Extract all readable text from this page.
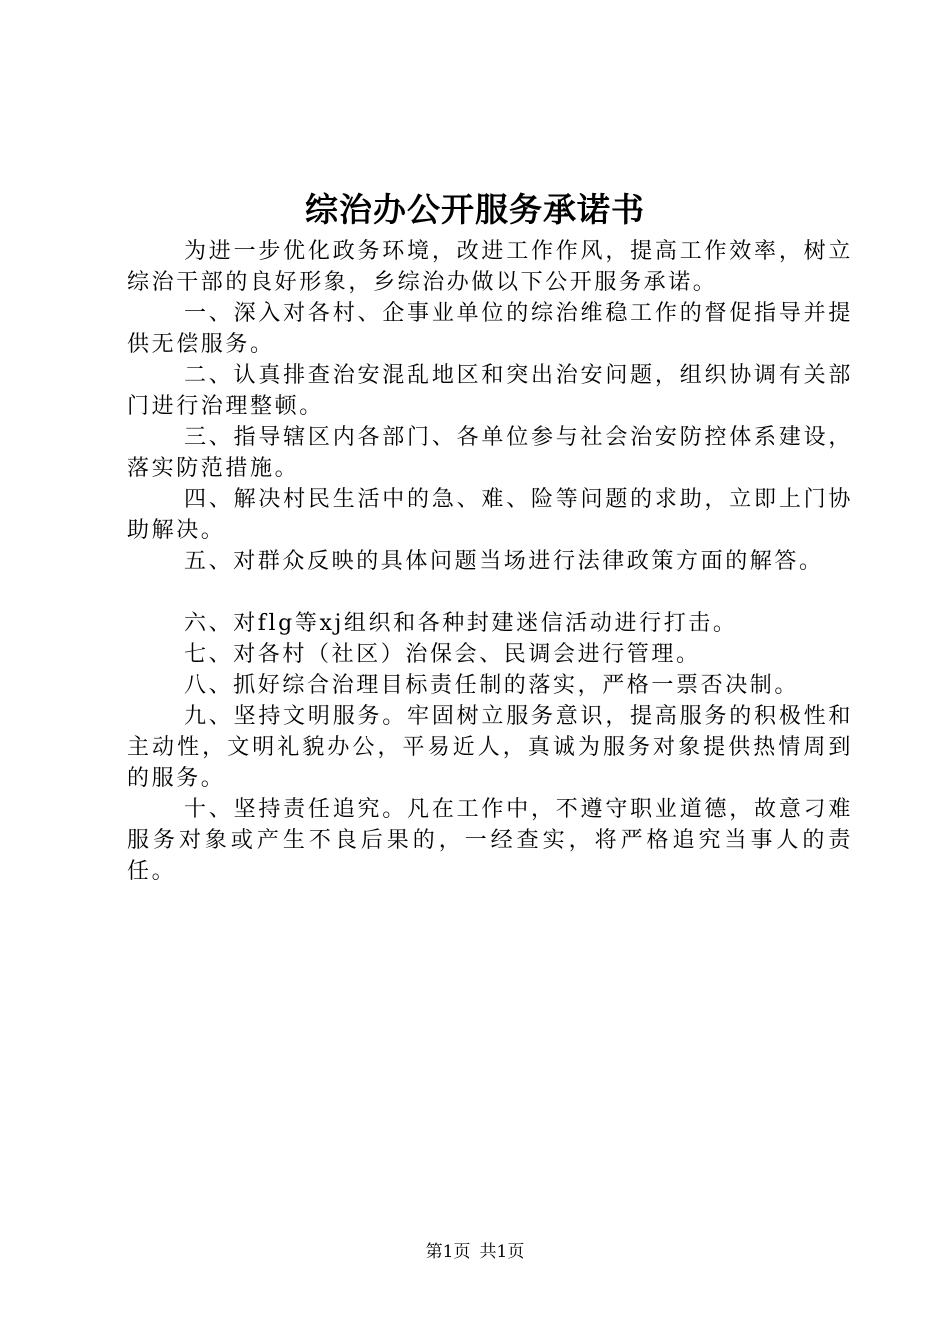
综治办公开服务承诺书

为进一步优化政务环境，改进工作作风，提高工作效率，树立综治干部的良好形象，乡综治办做以下公开服务承诺。

一、深入对各村、企事业单位的综治维稳工作的督促指导并提供无偿服务。

二、认真排查治安混乱地区和突出治安问题，组织协调有关部门进行治理整顿。

三、指导辖区内各部门、各单位参与社会治安防控体系建设，落实防范措施。

四、解决村民生活中的急、难、险等问题的求助，立即上门协助解决。

五、对群众反映的具体问题当场进行法律政策方面的解答。

六、对flg等xj组织和各种封建迷信活动进行打击。

七、对各村（社区）治保会、民调会进行管理。

八、抓好综合治理目标责任制的落实，严格一票否决制。

九、坚持文明服务。牢固树立服务意识，提高服务的积极性和主动性，文明礼貌办公，平易近人，真诚为服务对象提供热情周到的服务。

十、坚持责任追究。凡在工作中，不遵守职业道德，故意刁难服务对象或产生不良后果的，一经查实，将严格追究当事人的责任。

第1页 共1页
